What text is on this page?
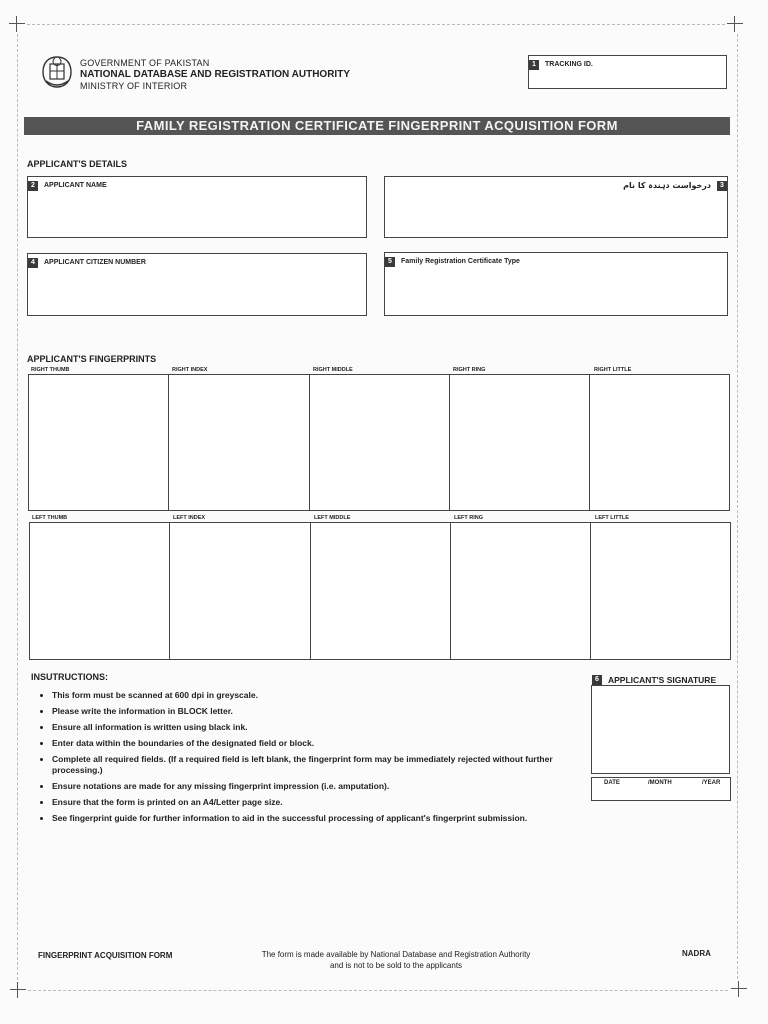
GOVERNMENT OF PAKISTAN
NATIONAL DATABASE AND REGISTRATION AUTHORITY
MINISTRY OF INTERIOR
1 TRACKING ID.
FAMILY REGISTRATION CERTIFICATE FINGERPRINT ACQUISITION FORM
APPLICANT'S DETAILS
2 APPLICANT NAME	درخواست دہندہ کا نام 3
4 APPLICANT CITIZEN NUMBER	5 Family Registration Certificate Type
APPLICANT'S FINGERPRINTS
RIGHT THUMB	RIGHT INDEX	RIGHT MIDDLE	RIGHT RING	RIGHT LITTLE
LEFT THUMB	LEFT INDEX	LEFT MIDDLE	LEFT RING	LEFT LITTLE
INSUTRUCTIONS:
• This form must be scanned at 600 dpi in greyscale.
• Please write the information in BLOCK letter.
• Ensure all information is written using black ink.
• Enter data within the boundaries of the designated field or block.
• Complete all required fields. (If a required field is left blank, the fingerprint form may be immediately rejected without further processing.)
• Ensure notations are made for any missing fingerprint impression (i.e. amputation).
• Ensure that the form is printed on an A4/Letter page size.
• See fingerprint guide for further information to aid in the successful processing of applicant's fingerprint submission.
6 APPLICANT'S SIGNATURE
DATE	/MONTH	/YEAR
FINGERPRINT ACQUISITION FORM	The form is made available by National Database and Registration Authority
and is not to be sold to the applicants
NADRA
